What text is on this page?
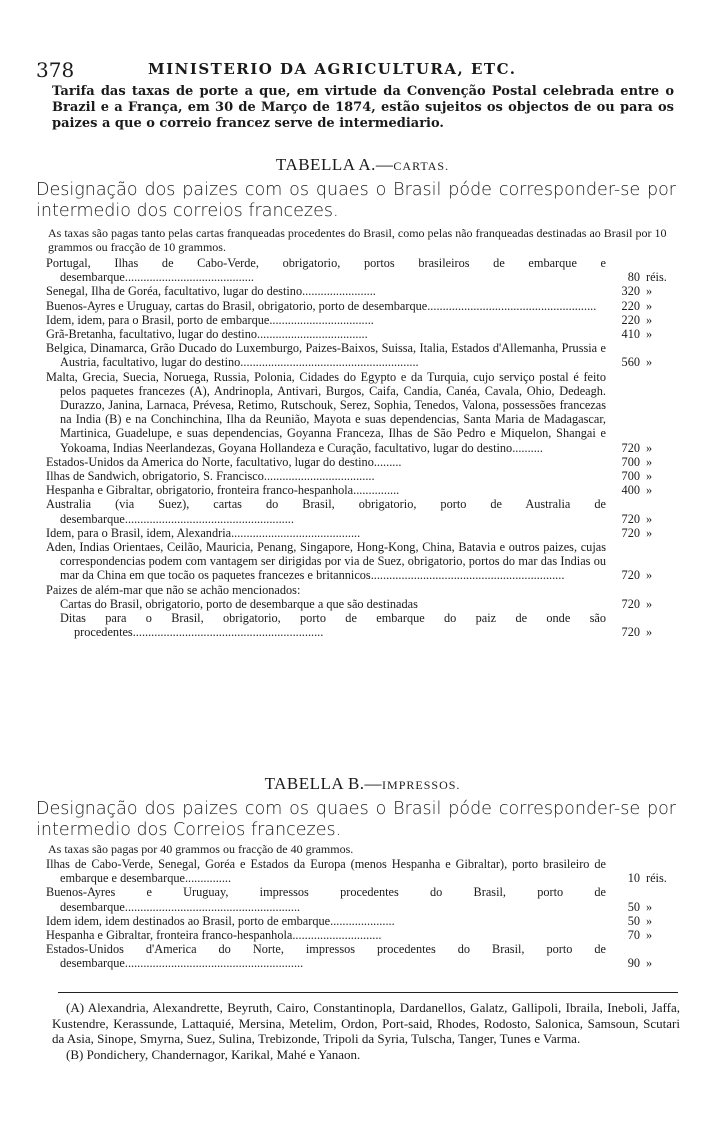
378	MINISTERIO DA AGRICULTURA, ETC.
Tarifa das taxas de porte a que, em virtude da Convenção Postal celebrada entre o Brazil e a França, em 30 de Março de 1874, estão sujeitos os objectos de ou para os paizes a que o correio francez serve de intermediario.
TABELLA A.—CARTAS.
Designação dos paizes com os quaes o Brasil póde corresponder-se por intermedio dos correios francezes.
As taxas são pagas tanto pelas cartas franqueadas procedentes do Brasil, como pelas não franqueadas destinadas ao Brasil por 10 grammos ou fracção de 10 grammos.
Portugal, Ilhas de Cabo-Verde, obrigatorio, portos brasileiros de embarque e desembarque..........................................	80 réis.
Senegal, Ilha de Goréa, facultativo, lugar do destino........................	320 »
Buenos-Ayres e Uruguay, cartas do Brasil, obrigatorio, porto de desembarque.......................................................	220 »
Idem, idem, para o Brasil, porto de embarque..................................	220 »
Grã-Bretanha, facultativo, lugar do destino....................................	410 »
Belgica, Dinamarca, Grão Ducado do Luxemburgo, Paizes-Baixos, Suissa, Italia, Estados d'Allemanha, Prussia e Austria, facultativo, lugar do destino..........................................................	560 »
Malta, Grecia, Suecia, Noruega, Russia, Polonia, Cidades do Egypto e da Turquia, cujo serviço postal é feito pelos paquetes francezes (A), Andrinopla, Antivari, Burgos, Caifa, Candia, Canéa, Cavala, Ohio, Dedeagh. Durazzo, Janina, Larnaca, Prévesa, Retimo, Rutschouk, Serez, Sophia, Tenedos, Valona, possessões francezas na India (B) e na Conchinchina, Ilha da Reunião, Mayota e suas dependencias, Santa Maria de Madagascar, Martinica, Guadelupe, e suas dependencias, Goyanna Franceza, Ilhas de São Pedro e Miquelon, Shangai e Yokoama, Indias Neerlandezas, Goyana Hollandeza e Curação, facultativo, lugar do destino..........	720 »
Estados-Unidos da America do Norte, facultativo, lugar do destino.........	700 »
Ilhas de Sandwich, obrigatorio, S. Francisco....................................	700 »
Hespanha e Gibraltar, obrigatorio, fronteira franco-hespanhola...............	400 »
Australia (via Suez), cartas do Brasil, obrigatorio, porto de Australia de desembarque.......................................................	720 »
Idem, para o Brasil, idem, Alexandria..........................................	720 »
Aden, Indias Orientaes, Ceilão, Mauricia, Penang, Singapore, Hong-Kong, China, Batavia e outros paizes, cujas correspondencias podem com vantagem ser dirigidas por via de Suez, obrigatorio, portos do mar das Indias ou mar da China em que tocão os paquetes francezes e britannicos...............................................................	720 »
Paizes de além-mar que não se achão mencionados:
Cartas do Brasil, obrigatorio, porto de desembarque a que são destinadas	720 »
Ditas para o Brasil, obrigatorio, porto de embarque do paiz de onde são procedentes..............................................................	720 »
TABELLA B.—IMPRESSOS.
Designação dos paizes com os quaes o Brasil póde corresponder-se por intermedio dos Correios francezes.
As taxas são pagas por 40 grammos ou fracção de 40 grammos.
Ilhas de Cabo-Verde, Senegal, Goréa e Estados da Europa (menos Hespanha e Gibraltar), porto brasileiro de embarque e desembarque...............	10 réis.
Buenos-Ayres e Uruguay, impressos procedentes do Brasil, porto de desembarque.........................................................	50 »
Idem idem, idem destinados ao Brasil, porto de embarque.....................	50 »
Hespanha e Gibraltar, fronteira franco-hespanhola.............................	70 »
Estados-Unidos d'America do Norte, impressos procedentes do Brasil, porto de desembarque..........................................................	90 »

(A) Alexandria, Alexandrette, Beyruth, Cairo, Constantinopla, Dardanellos, Galatz, Gallipoli, Ibraila, Ineboli, Jaffa, Kustendre, Kerassunde, Lattaquié, Mersina, Metelim, Ordon, Port-said, Rhodes, Rodosto, Salonica, Samsoun, Scutari da Asia, Sinope, Smyrna, Suez, Sulina, Trebizonde, Tripoli da Syria, Tulscha, Tanger, Tunes e Varma.

(B) Pondichery, Chandernagor, Karikal, Mahé e Yanaon.
